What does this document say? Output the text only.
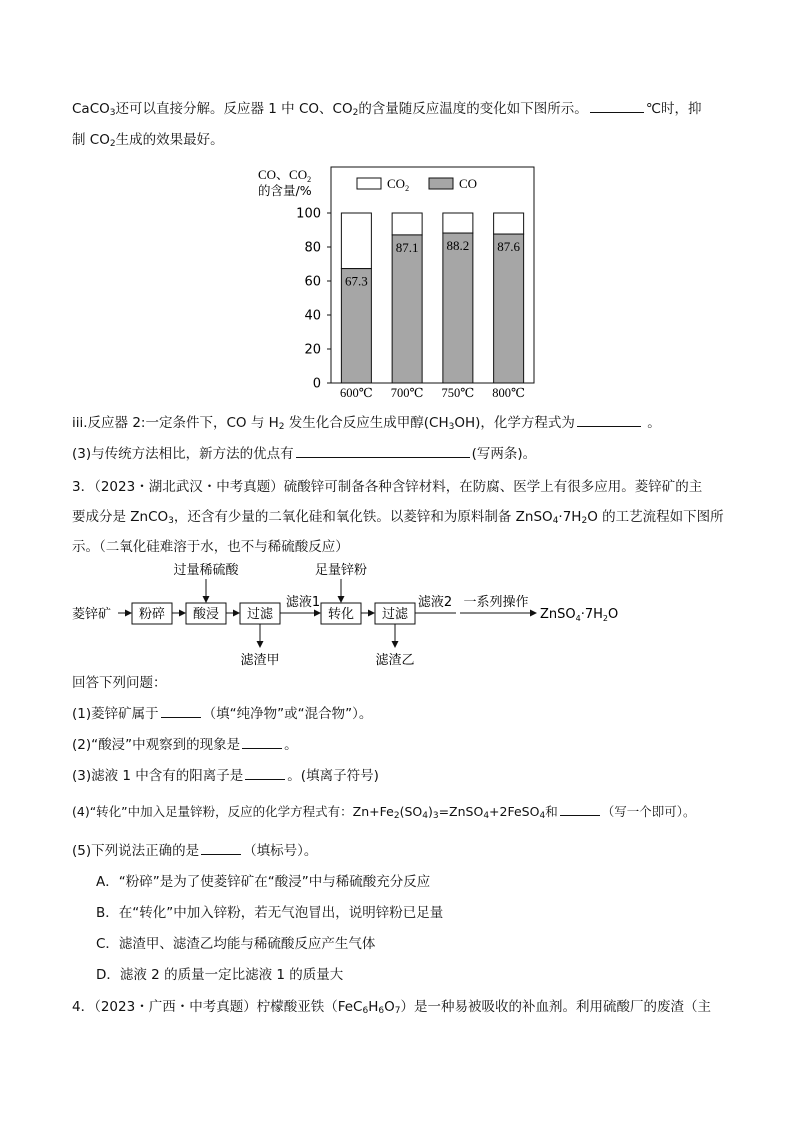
CaCO$_3$还可以直接分解。反应器 1 中 CO、$CO_2$的含量随反应温度的变化如下图所示。	℃时，抑
制 $CO_2$生成的效果最好。
CO、$CO_2$
的含量/%
0
20
40
60
80
100
67.3
600℃
87.1
700℃
88.2
750℃
87.6
800℃
$CO_2$	CO
iii.反应器 2:一定条件下，CO 与 $H_2$ 发生化合反应生成甲醇$(CH_3OH)$，化学方程式为	。
(3)与传统方法相比，新方法的优点有	(写两条)。
3．（2023・湖北武汉・中考真题）硫酸锌可制备各种含锌材料，在防腐、医学上有很多应用。菱锌矿的主
要成分是 ZnCO$_3$，还含有少量的二氧化硅和氧化铁。以菱锌和为原料制备 $ZnSO_4\cdot 7H_2O$ 的工艺流程如下图所
示。（二氧化硅难溶于水，也不与稀硫酸反应）
菱锌矿 粉碎 酸浸
过量稀硫酸
过滤
滤渣甲
滤液1
转化
足量锌粉
过滤
滤渣乙
滤液2 一系列操作
$ZnSO_4\cdot 7H_2O$
回答下列问题：
(1)菱锌矿属于	（填“纯净物”或“混合物”）。
(2)“酸浸”中观察到的现象是	。
(3)滤液 1 中含有的阳离子是	。(填离子符号)
(4)“转化”中加入足量锌粉，反应的化学方程式有：$Zn+Fe_2(SO_4)_3=ZnSO_4+2FeSO_4$和	（写一个即可）。
(5)下列说法正确的是	（填标号）。
A．“粉碎”是为了使菱锌矿在“酸浸”中与稀硫酸充分反应
B．在“转化”中加入锌粉，若无气泡冒出，说明锌粉已足量
C．滤渣甲、滤渣乙均能与稀硫酸反应产生气体
D．滤液 2 的质量一定比滤液 1 的质量大
4．（2023・广西・中考真题）柠檬酸亚铁$(FeC_6H_6O_7)$是一种易被吸收的补血剂。利用硫酸厂的废渣（主
